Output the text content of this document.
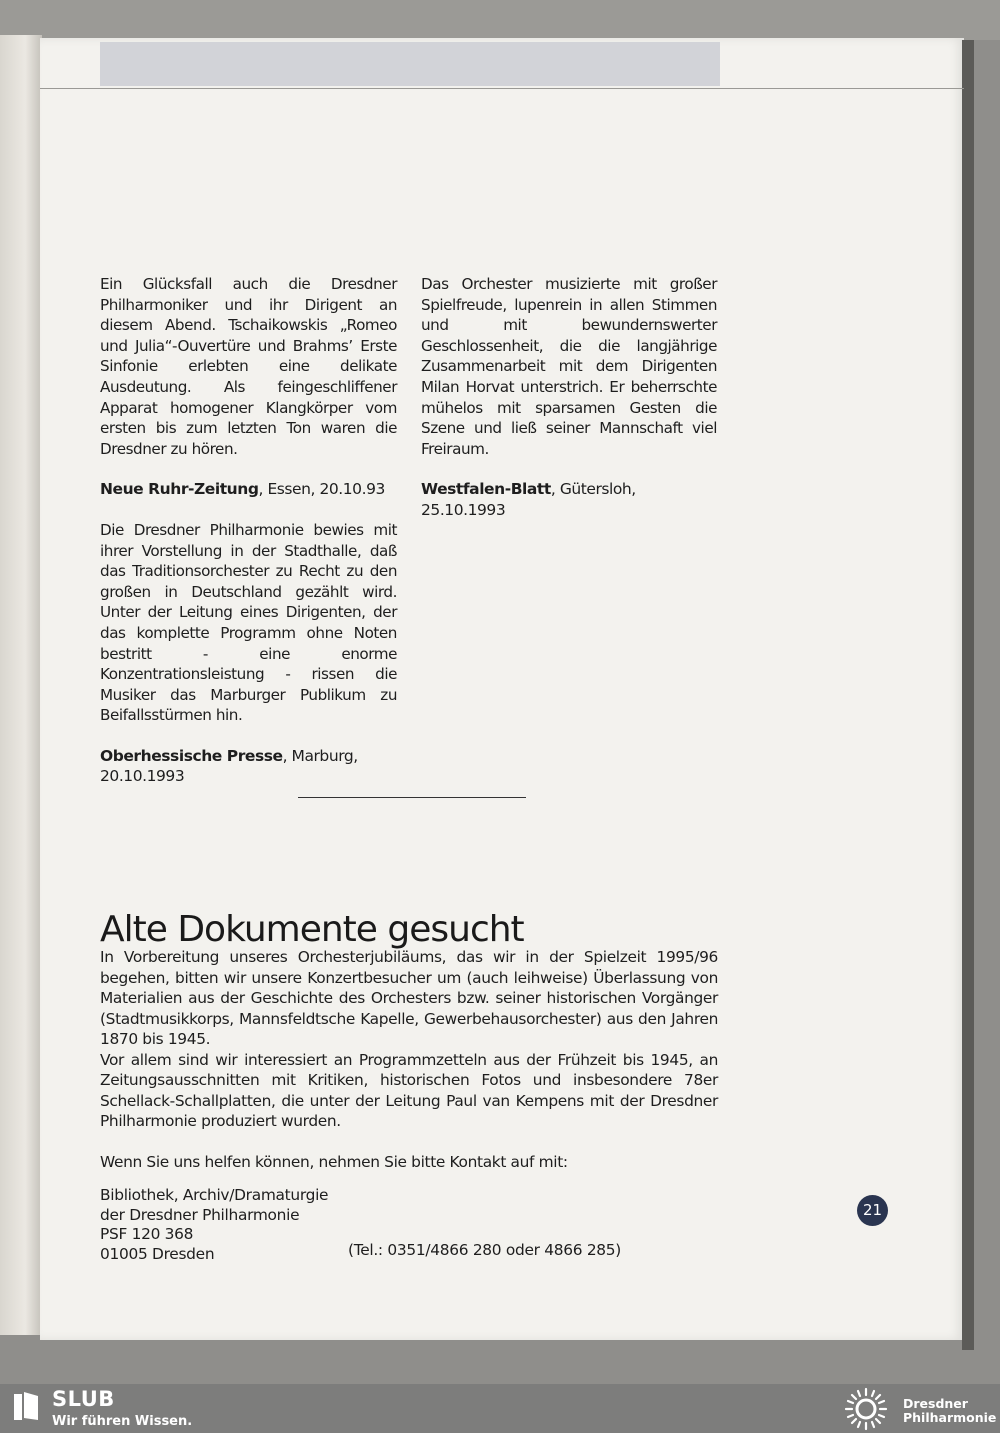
Ein Glücksfall auch die Dresdner Philharmoniker und ihr Dirigent an diesem Abend. Tschaikowskis „Romeo und Julia“-Ouvertüre und Brahms’ Erste Sinfonie erlebten eine delikate Ausdeutung. Als feingeschliffener Apparat homogener Klangkörper vom ersten bis zum letzten Ton waren die Dresdner zu hören.

Neue Ruhr-Zeitung, Essen, 20.10.93

Die Dresdner Philharmonie bewies mit ihrer Vorstellung in der Stadthalle, daß das Traditionsorchester zu Recht zu den großen in Deutschland gezählt wird. Unter der Leitung eines Dirigenten, der das komplette Programm ohne Noten bestritt - eine enorme Konzentrationsleistung - rissen die Musiker das Marburger Publikum zu Beifallsstürmen hin.

Oberhessische Presse, Marburg, 20.10.1993

Das Orchester musizierte mit großer Spielfreude, lupenrein in allen Stimmen und mit bewundernswerter Geschlossenheit, die die langjährige Zusammenarbeit mit dem Dirigenten Milan Horvat unterstrich. Er beherrschte mühelos mit sparsamen Gesten die Szene und ließ seiner Mannschaft viel Freiraum.

Westfalen-Blatt, Gütersloh, 25.10.1993

Alte Dokumente gesucht

In Vorbereitung unseres Orchesterjubiläums, das wir in der Spielzeit 1995/96 begehen, bitten wir unsere Konzertbesucher um (auch leihweise) Überlassung von Materialien aus der Geschichte des Orchesters bzw. seiner historischen Vorgänger (Stadtmusikkorps, Mannsfeldtsche Kapelle, Gewerbehausorchester) aus den Jahren 1870 bis 1945.

Vor allem sind wir interessiert an Programmzetteln aus der Frühzeit bis 1945, an Zeitungsausschnitten mit Kritiken, historischen Fotos und insbesondere 78er Schellack-Schallplatten, die unter der Leitung Paul van Kempens mit der Dresdner Philharmonie produziert wurden.

Wenn Sie uns helfen können, nehmen Sie bitte Kontakt auf mit:

Bibliothek, Archiv/Dramaturgie
der Dresdner Philharmonie
PSF 120 368
01005 Dresden	(Tel.: 0351/4866 280 oder 4866 285)
21
SLUB
Wir führen Wissen.
Dresdner
Philharmonie
